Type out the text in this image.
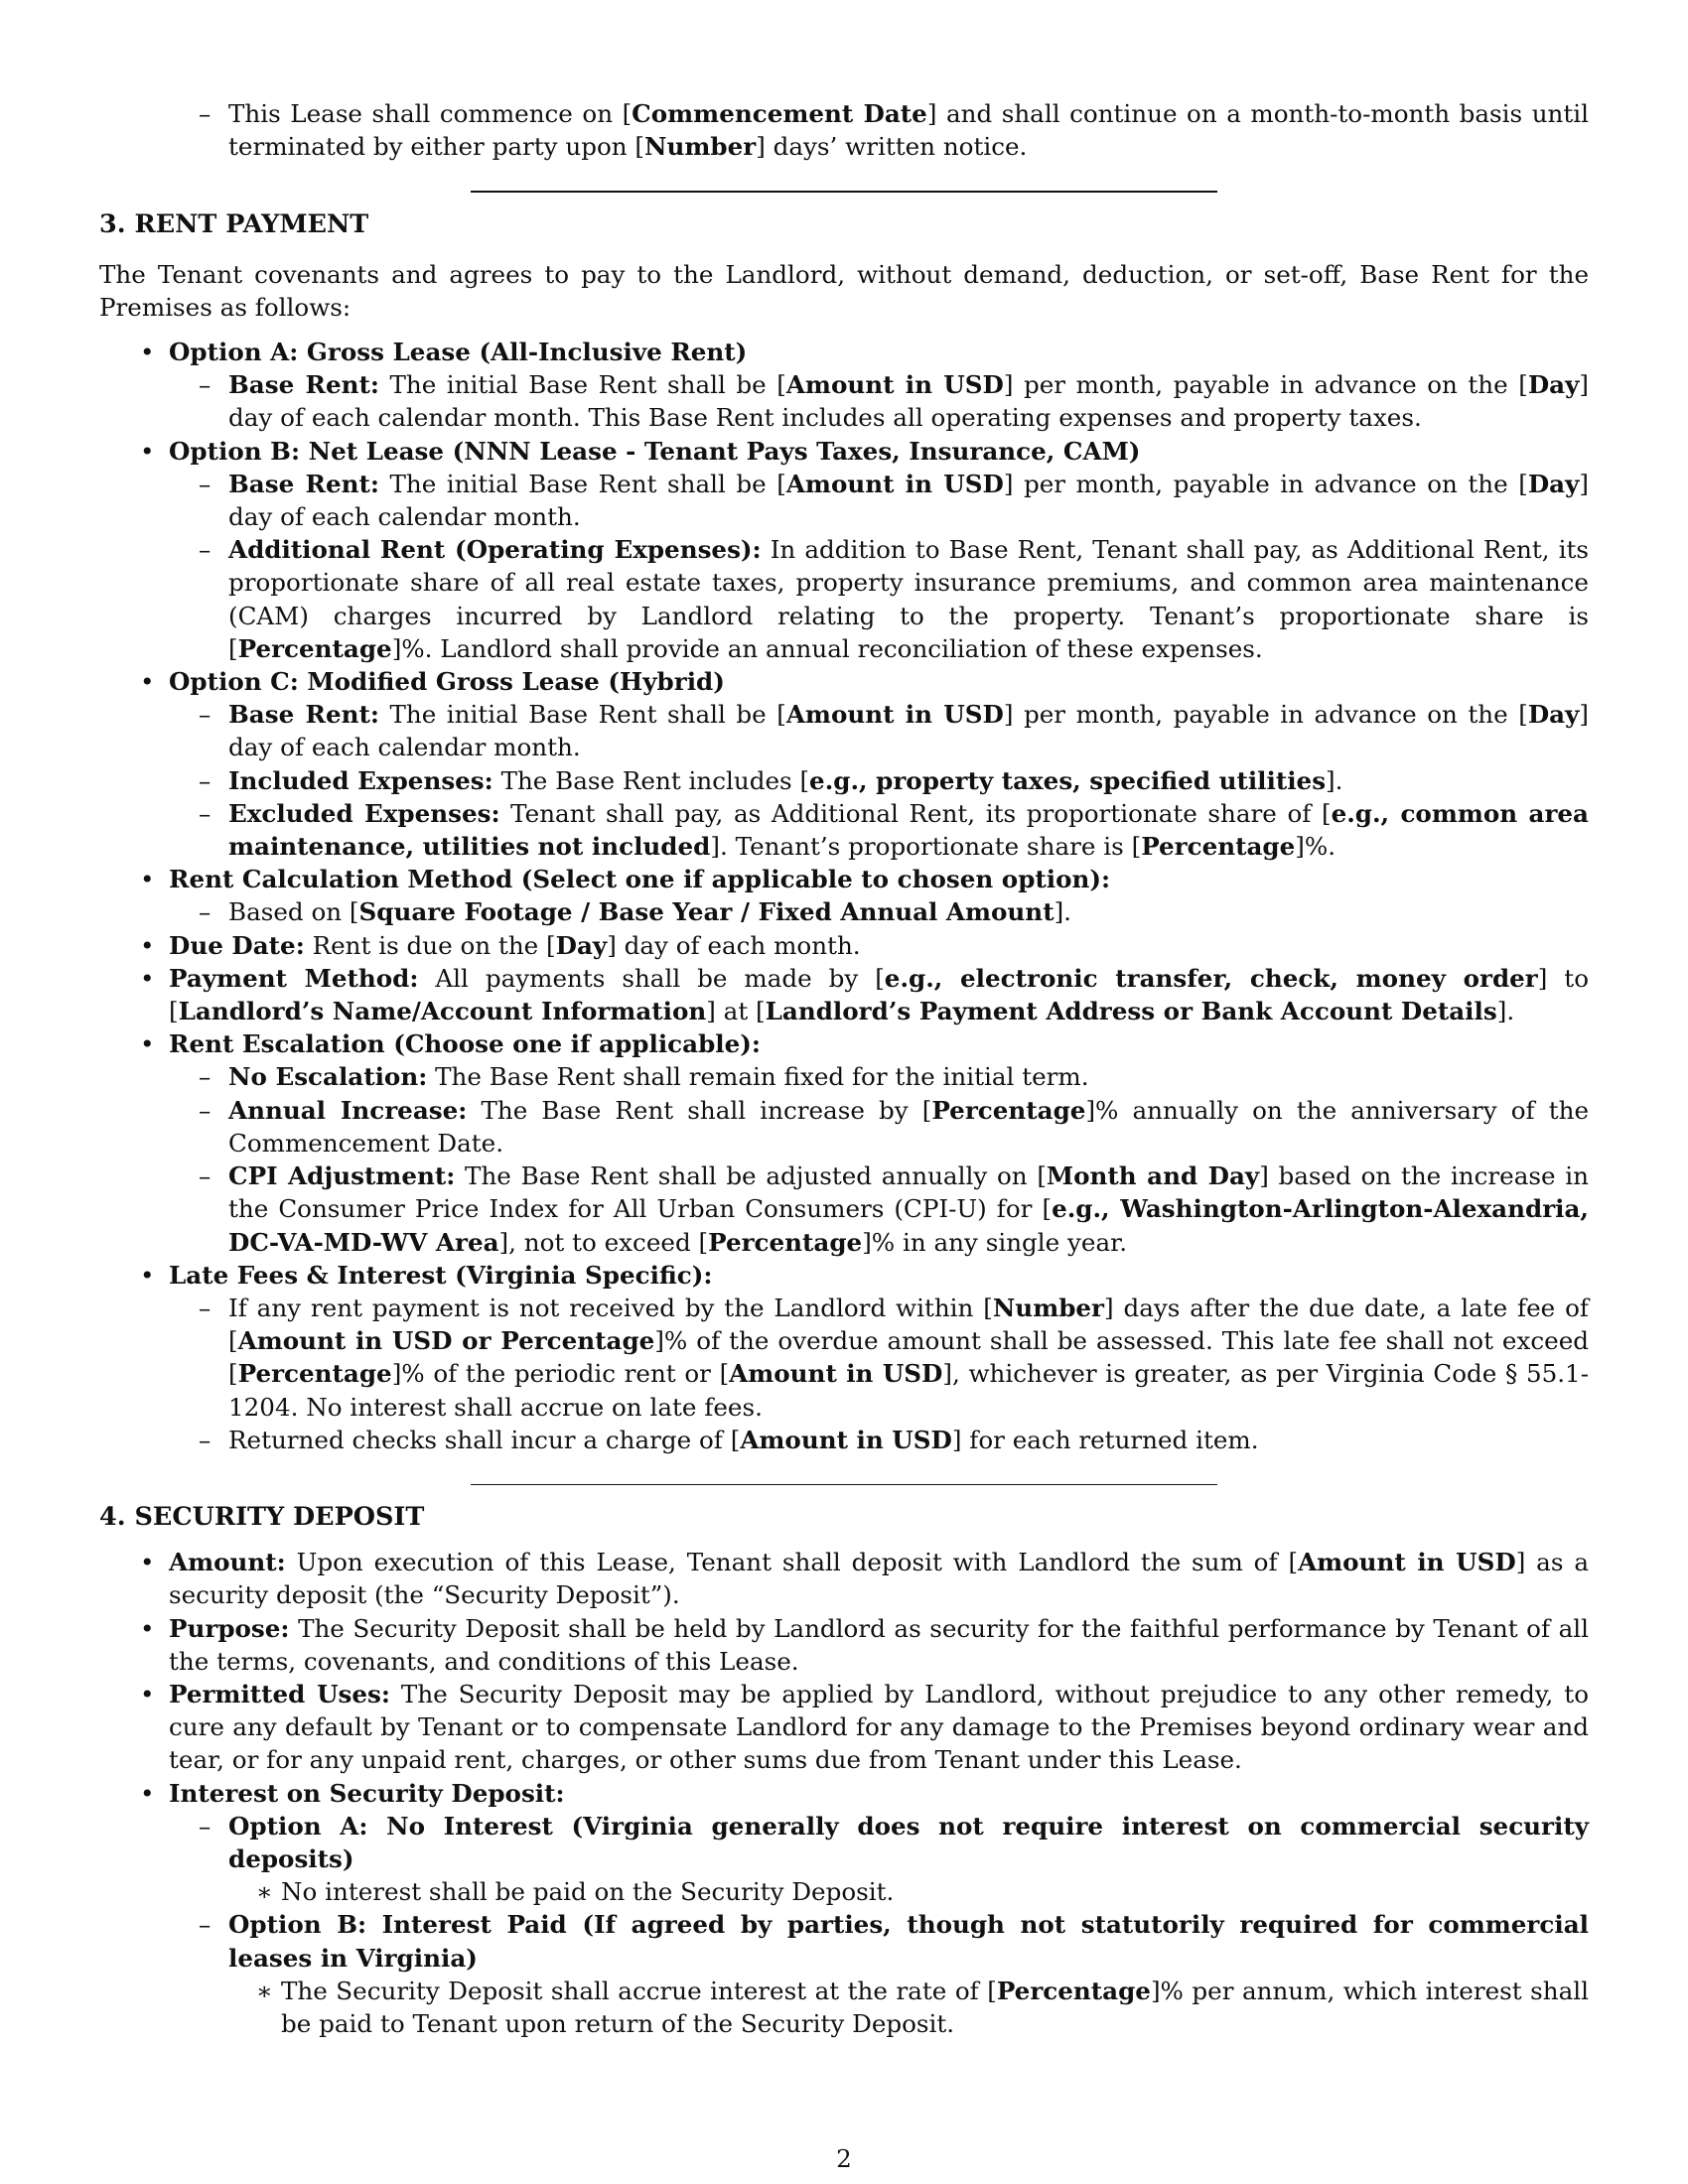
– This Lease shall commence on [Commencement Date] and shall continue on a month-to-month basis until terminated by either party upon [Number] days’ written notice.
3. RENT PAYMENT

The Tenant covenants and agrees to pay to the Landlord, without demand, deduction, or set-off, Base Rent for the Premises as follows:

• Option A: Gross Lease (All-Inclusive Rent)
– Base Rent: The initial Base Rent shall be [Amount in USD] per month, payable in advance on the [Day] day of each calendar month. This Base Rent includes all operating expenses and property taxes.
• Option B: Net Lease (NNN Lease - Tenant Pays Taxes, Insurance, CAM)
– Base Rent: The initial Base Rent shall be [Amount in USD] per month, payable in advance on the [Day] day of each calendar month.
– Additional Rent (Operating Expenses): In addition to Base Rent, Tenant shall pay, as Additional Rent, its proportionate share of all real estate taxes, property insurance premiums, and common area maintenance (CAM) charges incurred by Landlord relating to the property. Tenant’s proportionate share is [Percentage]%. Landlord shall provide an annual reconciliation of these expenses.
• Option C: Modified Gross Lease (Hybrid)
– Base Rent: The initial Base Rent shall be [Amount in USD] per month, payable in advance on the [Day] day of each calendar month.
– Included Expenses: The Base Rent includes [e.g., property taxes, specified utilities].
– Excluded Expenses: Tenant shall pay, as Additional Rent, its proportionate share of [e.g., common area maintenance, utilities not included]. Tenant’s proportionate share is [Percentage]%.
• Rent Calculation Method (Select one if applicable to chosen option):
– Based on [Square Footage / Base Year / Fixed Annual Amount].
• Due Date: Rent is due on the [Day] day of each month.
• Payment Method: All payments shall be made by [e.g., electronic transfer, check, money order] to [Landlord’s Name/Account Information] at [Landlord’s Payment Address or Bank Account Details].
• Rent Escalation (Choose one if applicable):
– No Escalation: The Base Rent shall remain fixed for the initial term.
– Annual Increase: The Base Rent shall increase by [Percentage]% annually on the anniversary of the Commencement Date.
– CPI Adjustment: The Base Rent shall be adjusted annually on [Month and Day] based on the increase in the Consumer Price Index for All Urban Consumers (CPI-U) for [e.g., Washington-Arlington-Alexandria, DC-VA-MD-WV Area], not to exceed [Percentage]% in any single year.
• Late Fees & Interest (Virginia Specific):
– If any rent payment is not received by the Landlord within [Number] days after the due date, a late fee of [Amount in USD or Percentage]% of the overdue amount shall be assessed. This late fee shall not exceed [Percentage]% of the periodic rent or [Amount in USD], whichever is greater, as per Virginia Code § 55.1-1204. No interest shall accrue on late fees.
– Returned checks shall incur a charge of [Amount in USD] for each returned item.
4. SECURITY DEPOSIT
• Amount: Upon execution of this Lease, Tenant shall deposit with Landlord the sum of [Amount in USD] as a security deposit (the “Security Deposit”).
• Purpose: The Security Deposit shall be held by Landlord as security for the faithful performance by Tenant of all the terms, covenants, and conditions of this Lease.
• Permitted Uses: The Security Deposit may be applied by Landlord, without prejudice to any other remedy, to cure any default by Tenant or to compensate Landlord for any damage to the Premises beyond ordinary wear and tear, or for any unpaid rent, charges, or other sums due from Tenant under this Lease.
• Interest on Security Deposit:
– Option A: No Interest (Virginia generally does not require interest on commercial security deposits)
∗ No interest shall be paid on the Security Deposit.
– Option B: Interest Paid (If agreed by parties, though not statutorily required for commercial leases in Virginia)
∗ The Security Deposit shall accrue interest at the rate of [Percentage]% per annum, which interest shall be paid to Tenant upon return of the Security Deposit.
2
